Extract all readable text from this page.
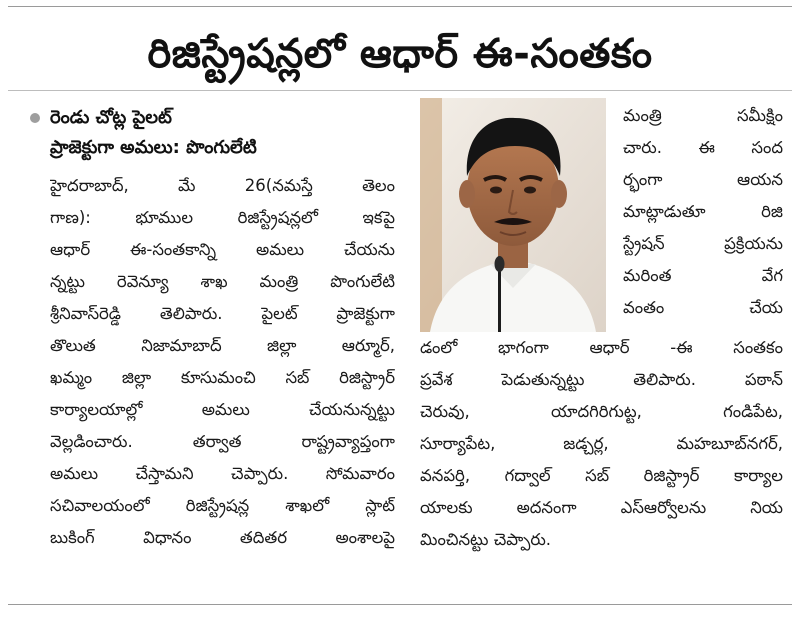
రిజిస్ట్రేషన్లలో ఆధార్ ఈ-సంతకం
రెండు చోట్ల పైలట్
ప్రాజెక్టుగా అమలు: పొంగులేటి
హైదరాబాద్, మే 26(నమస్తే తెలం
గాణ): భూముల రిజిస్ట్రేషన్లలో ఇకపై
ఆధార్ ఈ-సంతకాన్ని అమలు చేయను
న్నట్టు రెవెన్యూ శాఖ మంత్రి పొంగులేటి
శ్రీనివాస్‌రెడ్డి తెలిపారు. పైలట్ ప్రాజెక్టుగా
తొలుత నిజామాబాద్ జిల్లా ఆర్మూర్,
ఖమ్మం జిల్లా కూసుమంచి సబ్ రిజిస్ట్రార్
కార్యాలయాల్లో అమలు చేయనున్నట్టు
వెల్లడించారు. తర్వాత రాష్ట్రవ్యాప్తంగా
అమలు చేస్తామని చెప్పారు. సోమవారం
సచివాలయంలో రిజిస్ట్రేషన్ల శాఖలో స్లాట్
బుకింగ్ విధానం తదితర అంశాలపై
మంత్రి సమీక్షిం
చారు. ఈ సంద
ర్భంగా ఆయన
మాట్లాడుతూ రిజి
స్ట్రేషన్ ప్రక్రియను
మరింత వేగ
వంతం చేయ
డంలో భాగంగా ఆధార్ -ఈ సంతకం
ప్రవేశ పెడుతున్నట్టు తెలిపారు. పఠాన్
చెరువు, యాదగిరిగుట్ట, గండిపేట,
సూర్యాపేట, జడ్చర్ల, మహబూబ్‌నగర్,
వనపర్తి, గద్వాల్ సబ్ రిజిస్ట్రార్ కార్యాల
యాలకు అదనంగా ఎస్ఆర్వోలను నియ
మించినట్టు చెప్పారు.
